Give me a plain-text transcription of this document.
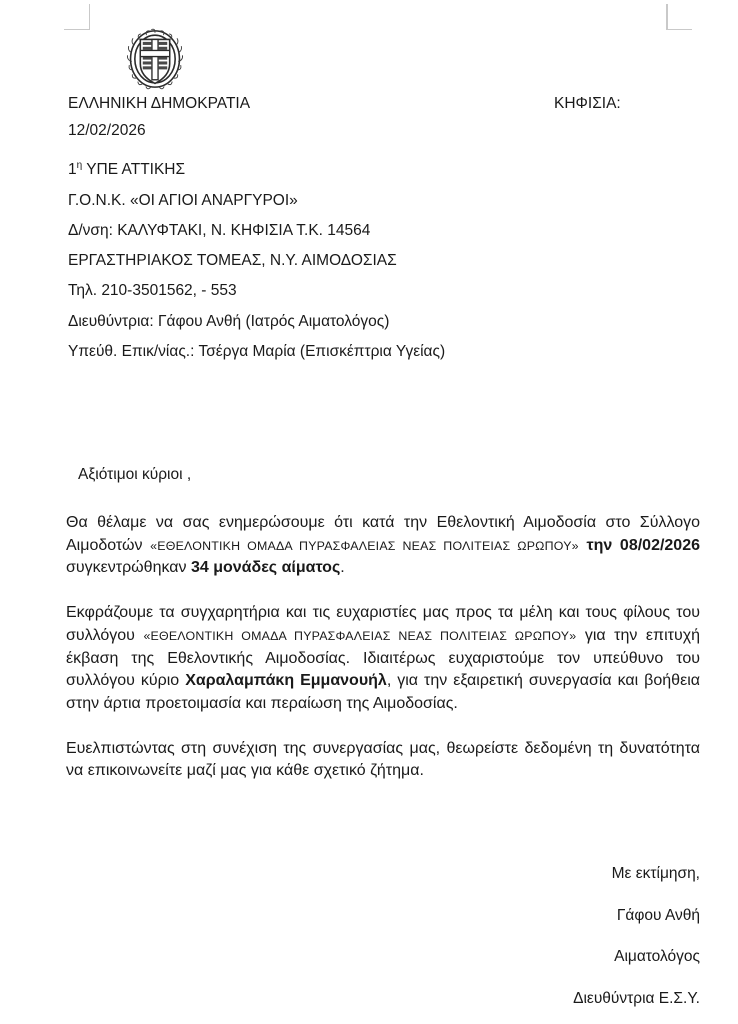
ΕΛΛΗΝΙΚΗ ΔΗΜΟΚΡΑΤΙΑ	ΚΗΦΙΣΙΑ:
12/02/2026
$1^\eta$ ΥΠΕ ΑΤΤΙΚΗΣ
Γ.Ο.Ν.Κ. «ΟΙ ΑΓΙΟΙ ΑΝΑΡΓΥΡΟΙ»
Δ/νση: ΚΑΛΥΦΤΑΚΙ, Ν. ΚΗΦΙΣΙΑ Τ.Κ. 14564
ΕΡΓΑΣΤΗΡΙΑΚΟΣ ΤΟΜΕΑΣ, Ν.Υ. ΑΙΜΟΔΟΣΙΑΣ
Τηλ. 210-3501562, - 553
Διευθύντρια: Γάφου Ανθή (Ιατρός Αιματολόγος)
Υπεύθ. Επικ/νίας.: Τσέργα Μαρία (Επισκέπτρια Υγείας)
Αξιότιμοι κύριοι ,

Θα θέλαμε να σας ενημερώσουμε ότι κατά την Εθελοντική Αιμοδοσία στο Σύλλογο Αιμοδοτών «ΕΘΕΛΟΝΤΙΚΗ ΟΜΑΔΑ ΠΥΡΑΣΦΑΛΕΙΑΣ ΝΕΑΣ ΠΟΛΙΤΕΙΑΣ ΩΡΩΠΟΥ» την 08/02/2026 συγκεντρώθηκαν 34 μονάδες αίματος.

Εκφράζουμε τα συγχαρητήρια και τις ευχαριστίες μας προς τα μέλη και τους φίλους του συλλόγου «ΕΘΕΛΟΝΤΙΚΗ ΟΜΑΔΑ ΠΥΡΑΣΦΑΛΕΙΑΣ ΝΕΑΣ ΠΟΛΙΤΕΙΑΣ ΩΡΩΠΟΥ» για την επιτυχή έκβαση της Εθελοντικής Αιμοδοσίας. Ιδιαιτέρως ευχαριστούμε τον υπεύθυνο του συλλόγου κύριο Χαραλαμπάκη Εμμανουήλ, για την εξαιρετική συνεργασία και βοήθεια στην άρτια προετοιμασία και περαίωση της Αιμοδοσίας.

Ευελπιστώντας στη συνέχιση της συνεργασίας μας, θεωρείστε δεδομένη τη δυνατότητα να επικοινωνείτε μαζί μας για κάθε σχετικό ζήτημα.

Με εκτίμηση,
Γάφου Ανθή
Αιματολόγος
Διευθύντρια Ε.Σ.Υ.
